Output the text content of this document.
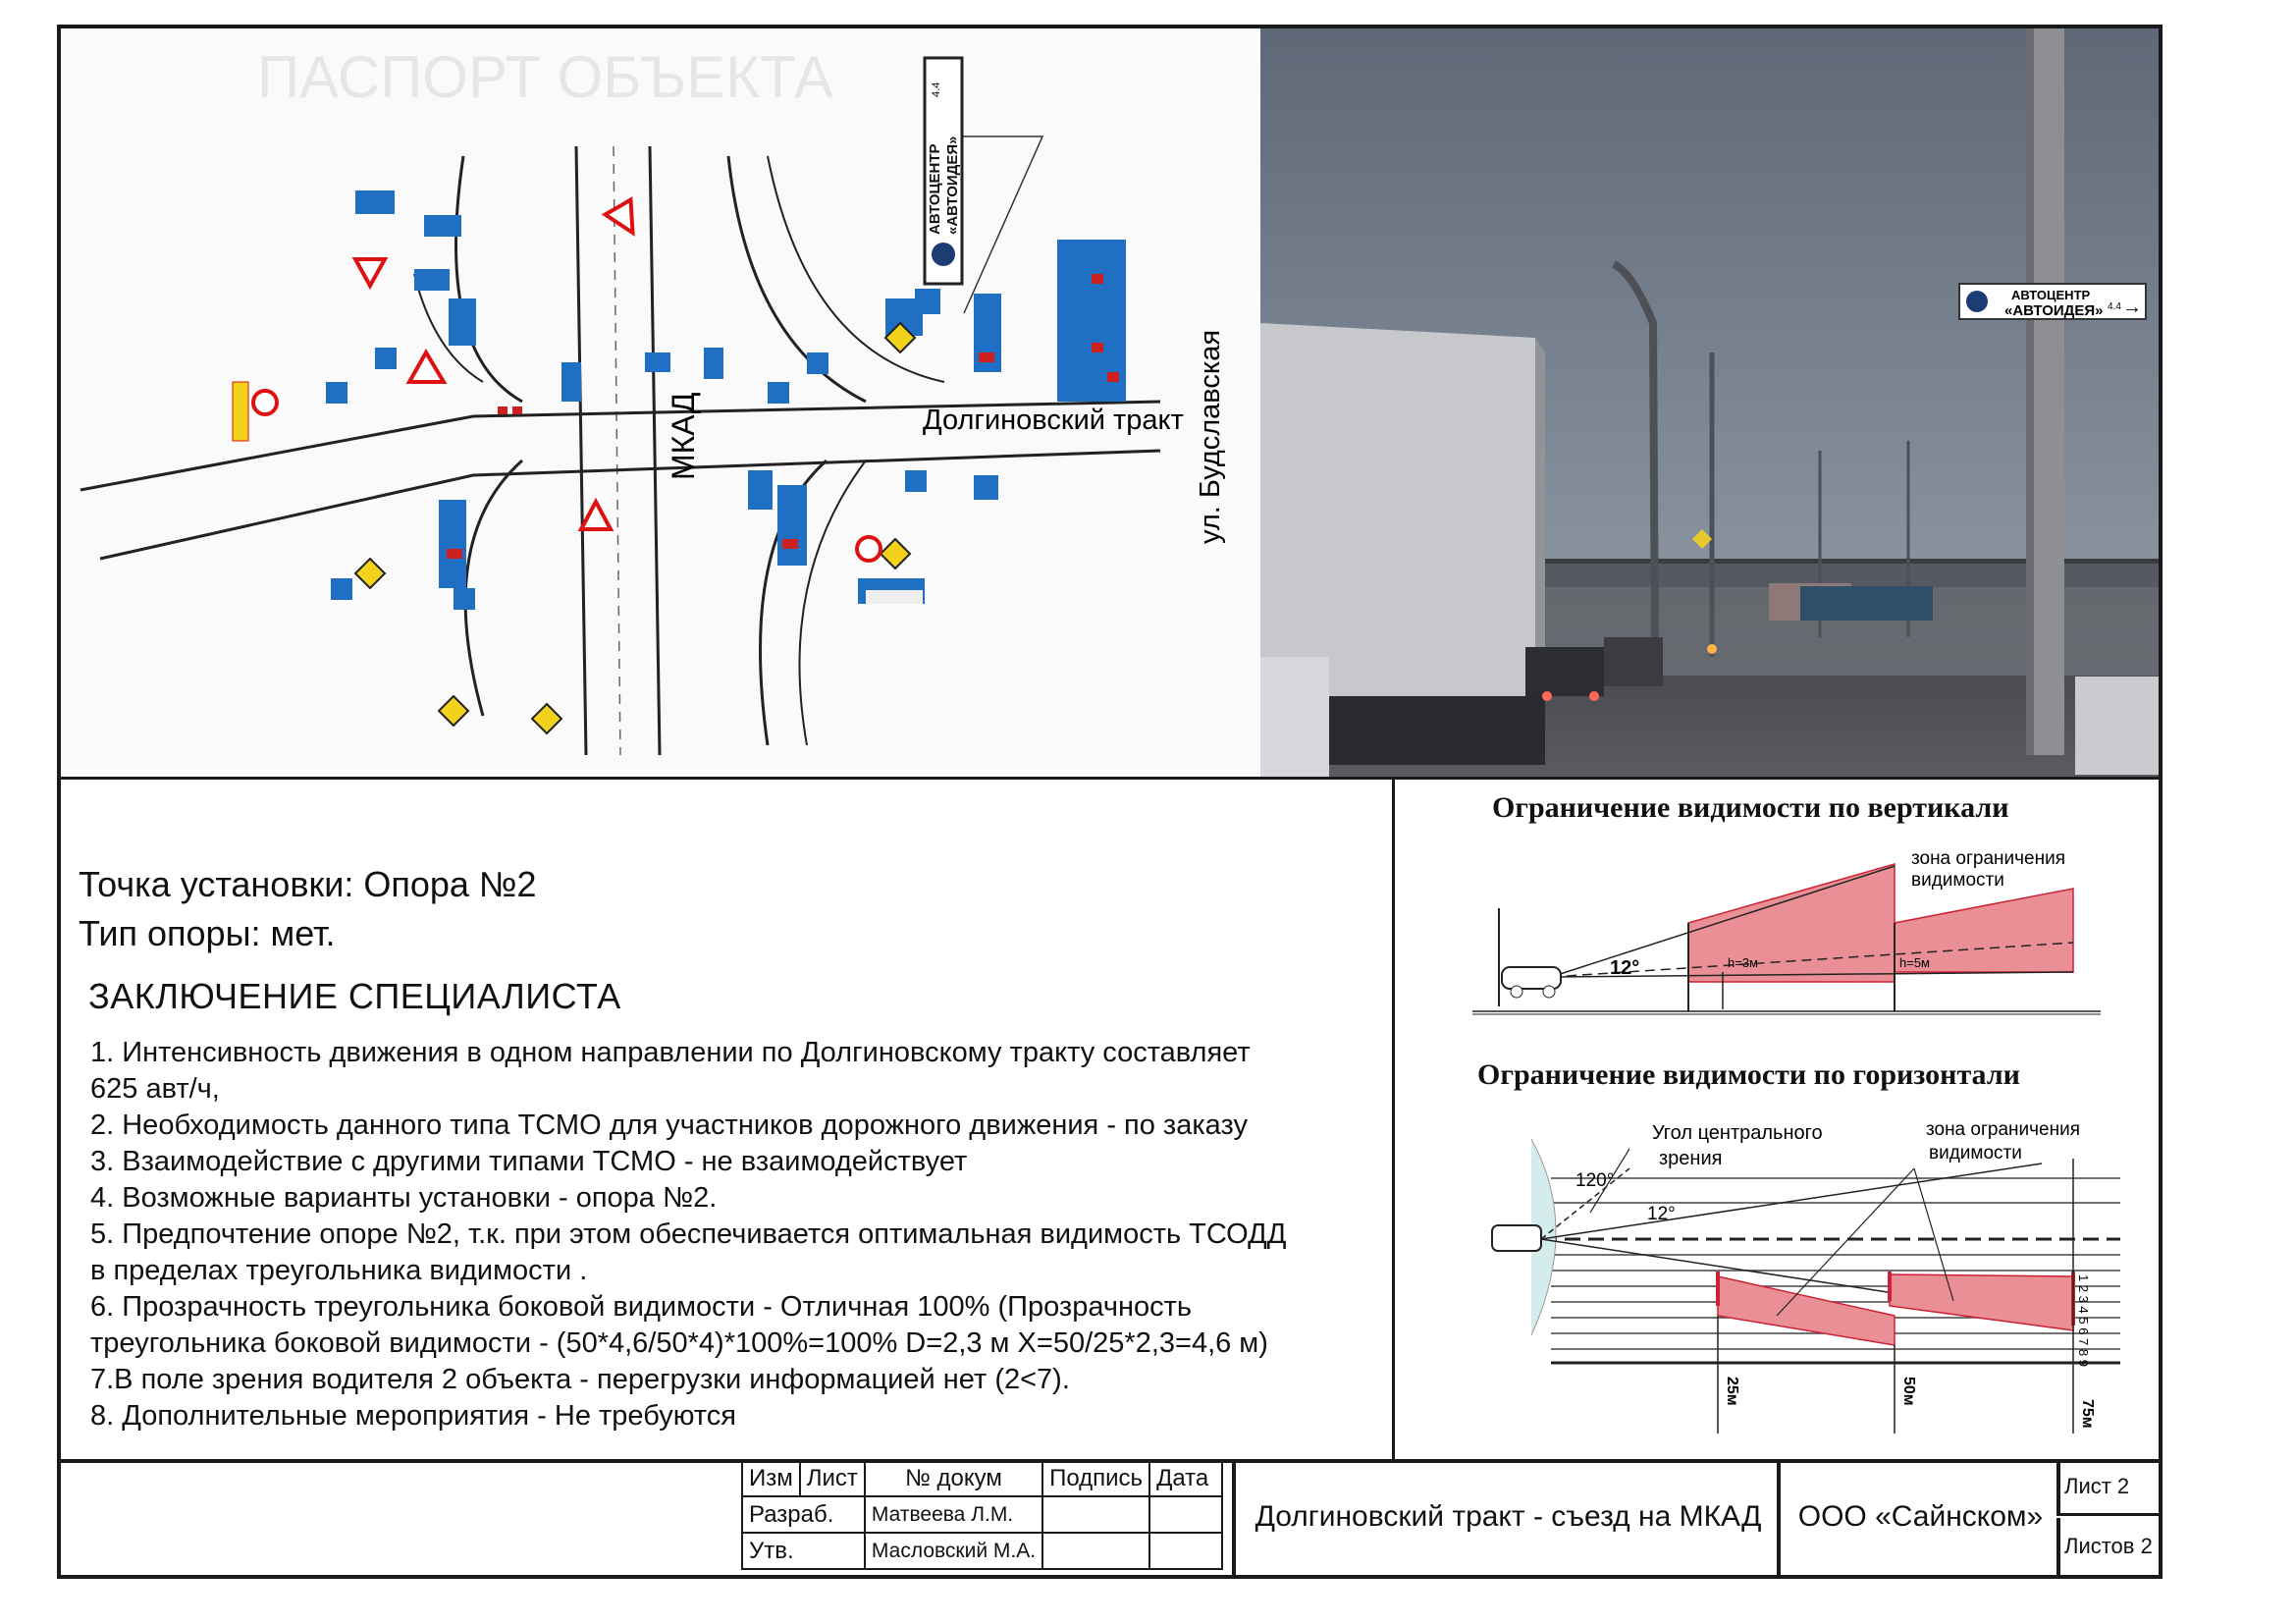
ПАСПОРТ ОБЪЕКТА
МКАД	Долгиновский тракт ул. Будславская
АВТОЦЕНТР «АВТОИДЕЯ»
4.4
АВТОЦЕНТР
«АВТОИДЕЯ» 4.4 →
Точка установки: Опора №2
Тип опоры: мет.
ЗАКЛЮЧЕНИЕ СПЕЦИАЛИСТА
1. Интенсивность движения в одном направлении по Долгиновскому тракту составляет
625 авт/ч,
2. Необходимость данного типа ТСМО для участников дорожного движения - по заказу
3. Взаимодействие с другими типами ТСМО - не взаимодействует
4. Возможные варианты установки - опора №2.
5. Предпочтение опоре №2, т.к. при этом обеспечивается оптимальная видимость ТСОДД
в пределах треугольника видимости .
6. Прозрачность треугольника боковой видимости - Отличная 100% (Прозрачность
треугольника боковой видимости - (50*4,6/50*4)*100%=100% D=2,3 м X=50/25*2,3=4,6 м)
7.В поле зрения водителя 2 объекта - перегрузки информацией нет (2<7).
8. Дополнительные мероприятия - Не требуются
Ограничение видимости по вертикали
12°	h=3м	h=5м
зона ограничения
видимости
Ограничение видимости по горизонтали
Угол центрального
зрения
зона ограничения
видимости
120°
12°
25м	50м
75м
1 2 3 4 5 6 7 8 9
Изм	Лист	№ докум	Подпись	Дата
Разраб.		Матвеева Л.М.		
Утв.		Масловский М.А.		
Долгиновский тракт - съезд на МКАД	ООО «Сайнском»
Лист 2
Листов 2
